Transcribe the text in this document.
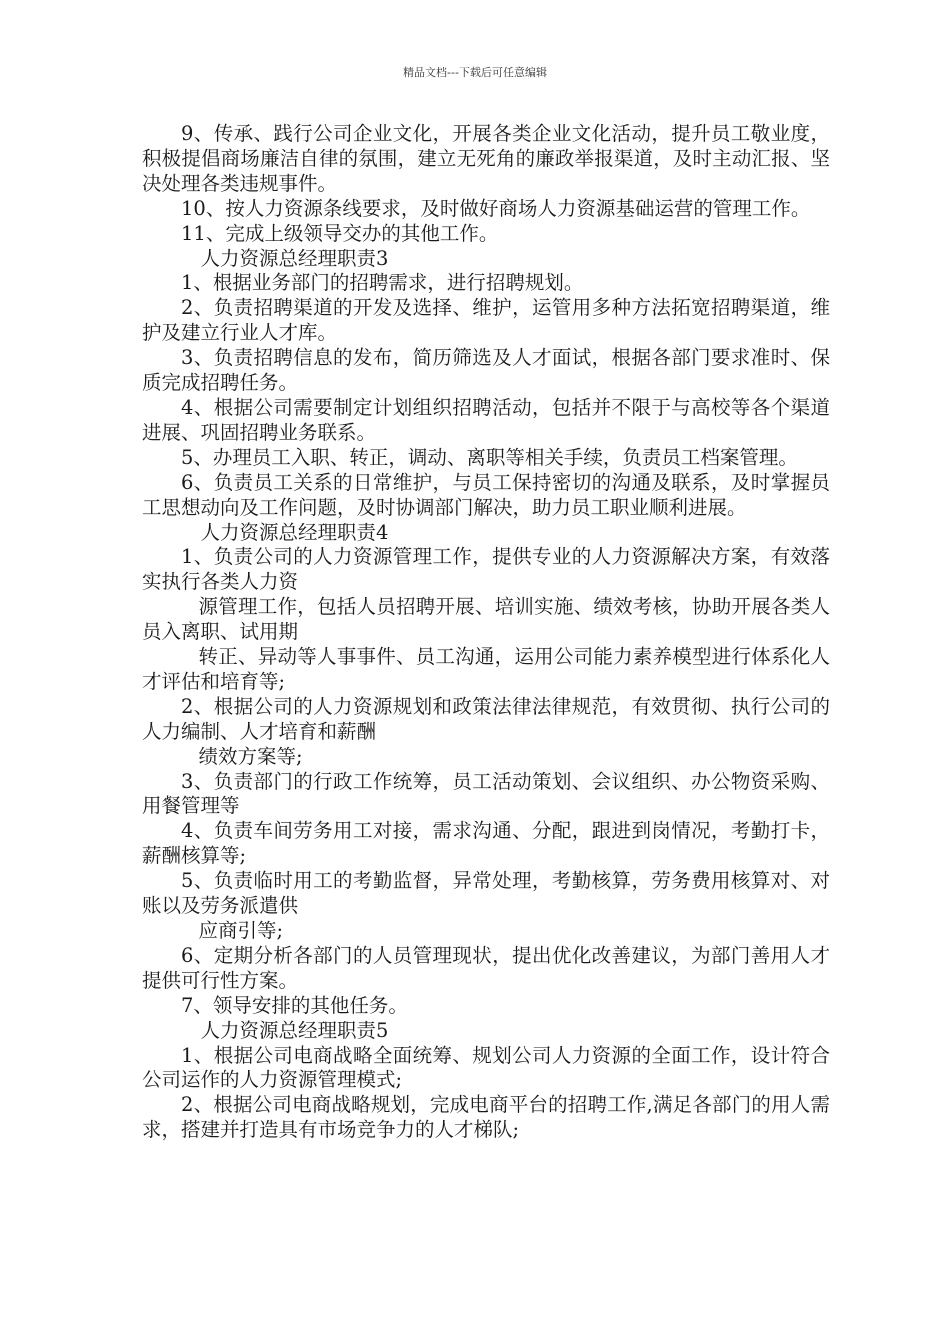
精品文档---下载后可任意编辑

9、传承、践行公司企业文化，开展各类企业文化活动，提升员工敬业度，积极提倡商场廉洁自律的氛围，建立无死角的廉政举报渠道，及时主动汇报、坚决处理各类违规事件。

10、按人力资源条线要求，及时做好商场人力资源基础运营的管理工作。

11、完成上级领导交办的其他工作。

人力资源总经理职责3

1、根据业务部门的招聘需求，进行招聘规划。

2、负责招聘渠道的开发及选择、维护，运管用多种方法拓宽招聘渠道，维护及建立行业人才库。

3、负责招聘信息的发布，简历筛选及人才面试，根据各部门要求准时、保质完成招聘任务。

4、根据公司需要制定计划组织招聘活动，包括并不限于与高校等各个渠道进展、巩固招聘业务联系。

5、办理员工入职、转正，调动、离职等相关手续，负责员工档案管理。

6、负责员工关系的日常维护，与员工保持密切的沟通及联系，及时掌握员工思想动向及工作问题，及时协调部门解决，助力员工职业顺利进展。

人力资源总经理职责4

1、负责公司的人力资源管理工作，提供专业的人力资源解决方案，有效落实执行各类人力资

源管理工作，包括人员招聘开展、培训实施、绩效考核，协助开展各类人员入离职、试用期

转正、异动等人事事件、员工沟通，运用公司能力素养模型进行体系化人才评估和培育等;

2、根据公司的人力资源规划和政策法律法律规范，有效贯彻、执行公司的人力编制、人才培育和薪酬

绩效方案等;

3、负责部门的行政工作统筹，员工活动策划、会议组织、办公物资采购、用餐管理等

4、负责车间劳务用工对接，需求沟通、分配，跟进到岗情况，考勤打卡，薪酬核算等;

5、负责临时用工的考勤监督，异常处理，考勤核算，劳务费用核算对、对账以及劳务派遣供

应商引等;

6、定期分析各部门的人员管理现状，提出优化改善建议，为部门善用人才提供可行性方案。

7、领导安排的其他任务。

人力资源总经理职责5

1、根据公司电商战略全面统筹、规划公司人力资源的全面工作，设计符合公司运作的人力资源管理模式;

2、根据公司电商战略规划，完成电商平台的招聘工作,满足各部门的用人需求，搭建并打造具有市场竞争力的人才梯队;
